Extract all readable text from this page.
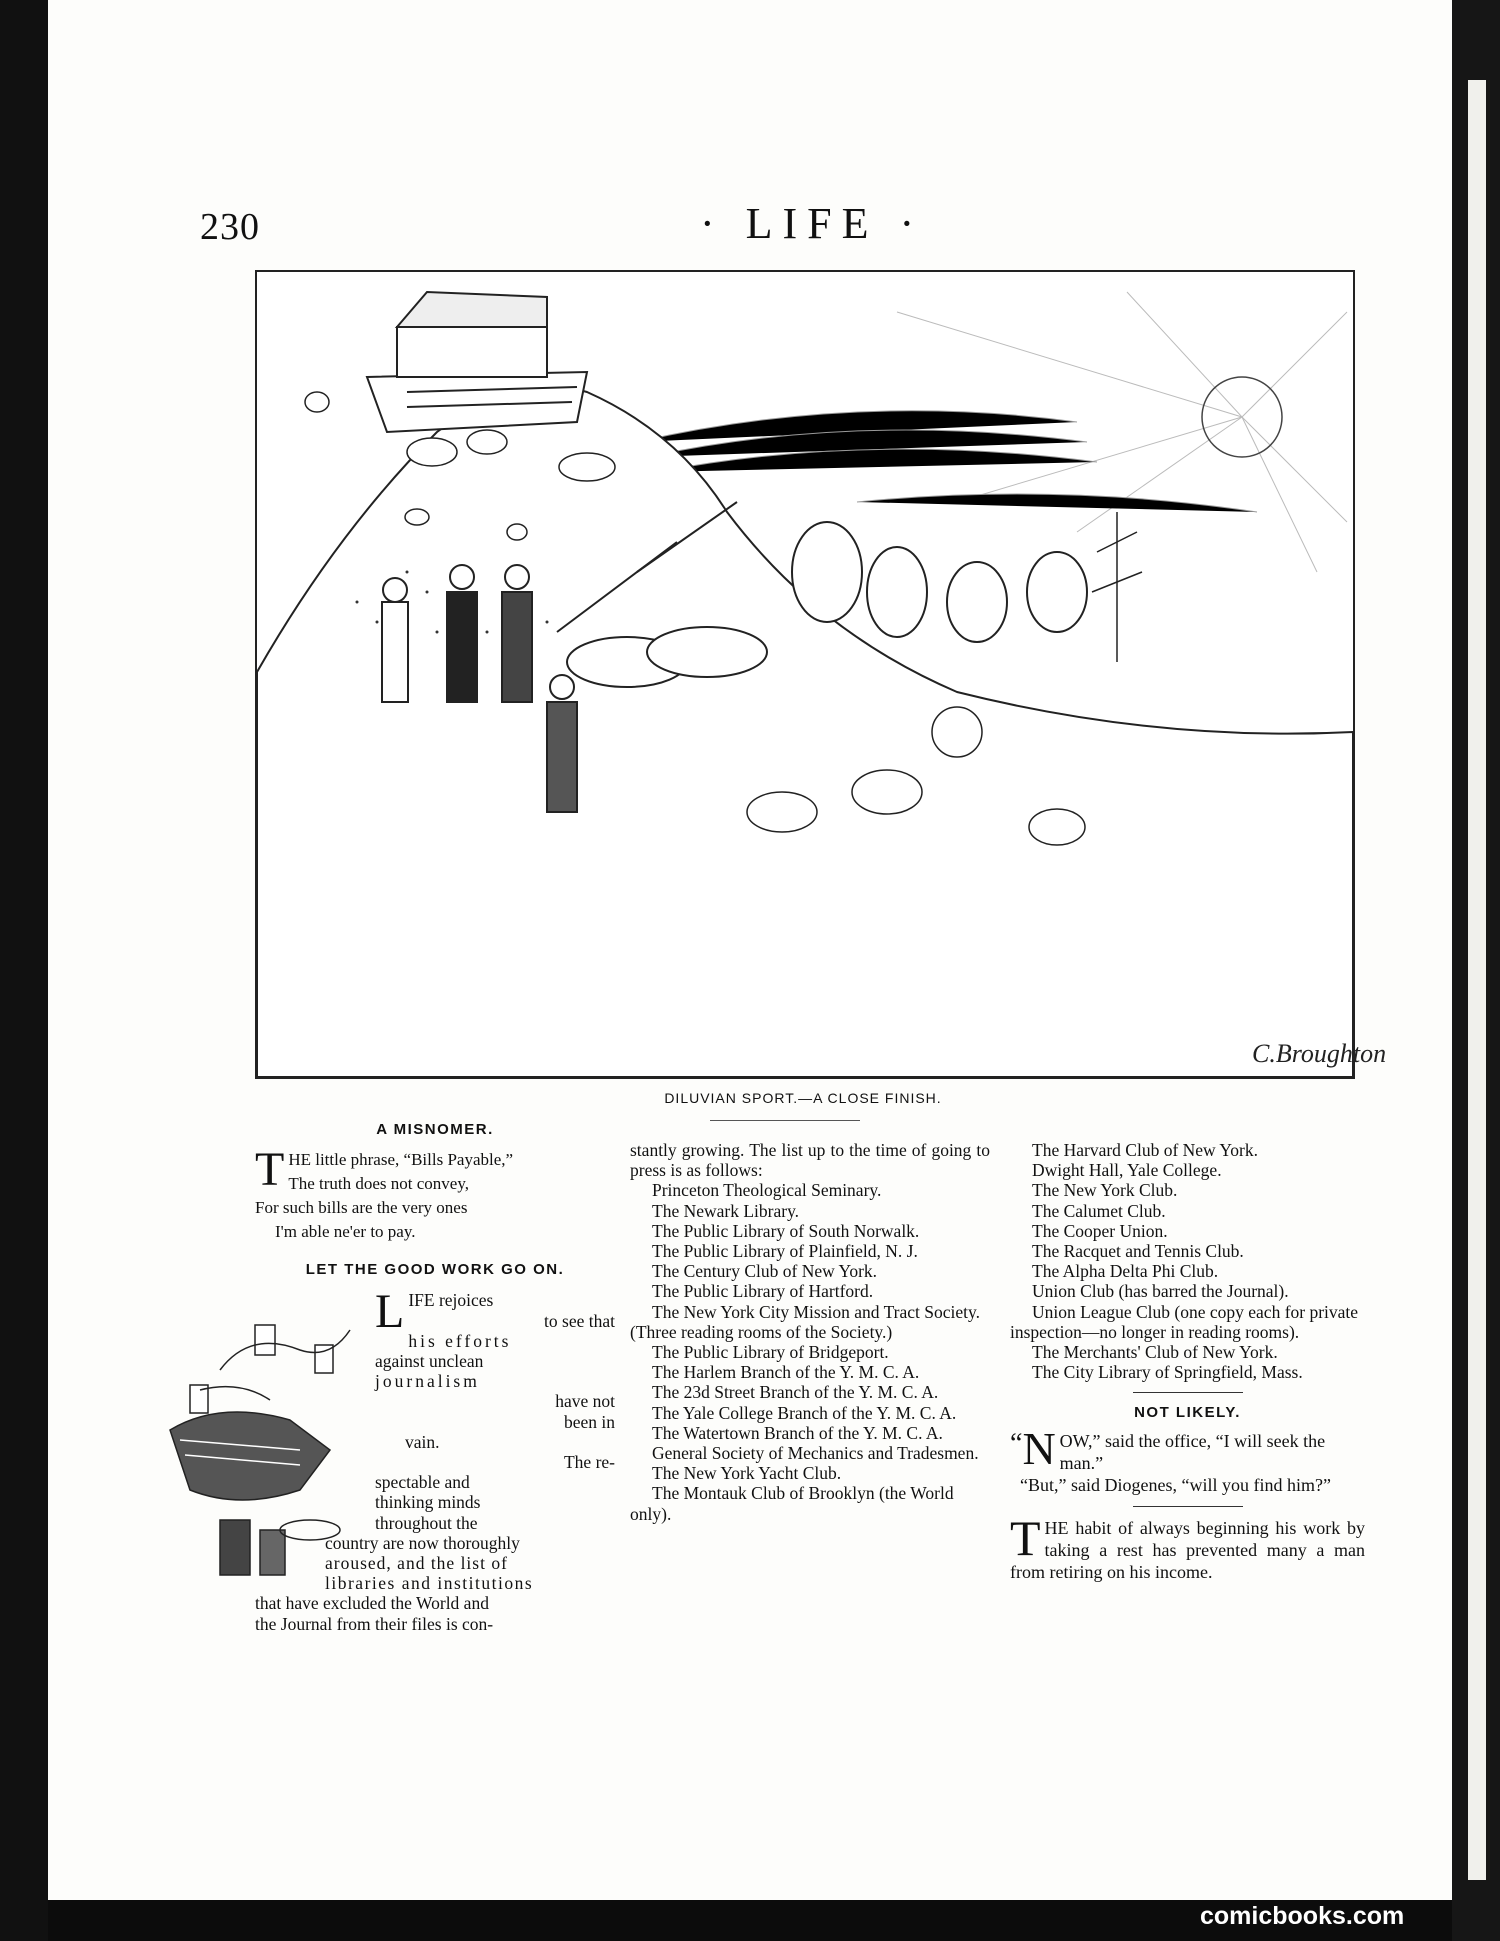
230	· LIFE ·
C.Broughton
DILUVIAN SPORT.—A CLOSE FINISH.

A MISNOMER.

T HE little phrase, “Bills Payable,”

The truth does not convey,

For such bills are the very ones

I'm able ne'er to pay.

LET THE GOOD WORK GO ON.

L IFE rejoices

to see that

his efforts

against unclean

journalism

have not

been in

vain.

The re-

spectable and

thinking minds

throughout the

country are now thoroughly

aroused, and the list of

libraries and institutions

that have excluded the World and

the Journal from their files is con-

stantly growing. The list up to the time of going to press is as follows:

Princeton Theological Seminary.

The Newark Library.

The Public Library of South Norwalk.

The Public Library of Plainfield, N. J.

The Century Club of New York.

The Public Library of Hartford.

The New York City Mission and Tract Society. (Three reading rooms of the Society.)

The Public Library of Bridgeport.

The Harlem Branch of the Y. M. C. A.

The 23d Street Branch of the Y. M. C. A.

The Yale College Branch of the Y. M. C. A.

The Watertown Branch of the Y. M. C. A.

General Society of Mechanics and Tradesmen.

The New York Yacht Club.

The Montauk Club of Brooklyn (the World only).

The Harvard Club of New York.

Dwight Hall, Yale College.

The New York Club.

The Calumet Club.

The Cooper Union.

The Racquet and Tennis Club.

The Alpha Delta Phi Club.

Union Club (has barred the Journal).

Union League Club (one copy each for private inspection—no longer in reading rooms).

The Merchants' Club of New York.

The City Library of Springfield, Mass.

NOT LIKELY.

“ N OW,” said the office, “I will seek the man.”

“But,” said Diogenes, “will you find him?”

T HE habit of always beginning his work by taking a rest has prevented many a man from retiring on his income.

comicbooks.com
